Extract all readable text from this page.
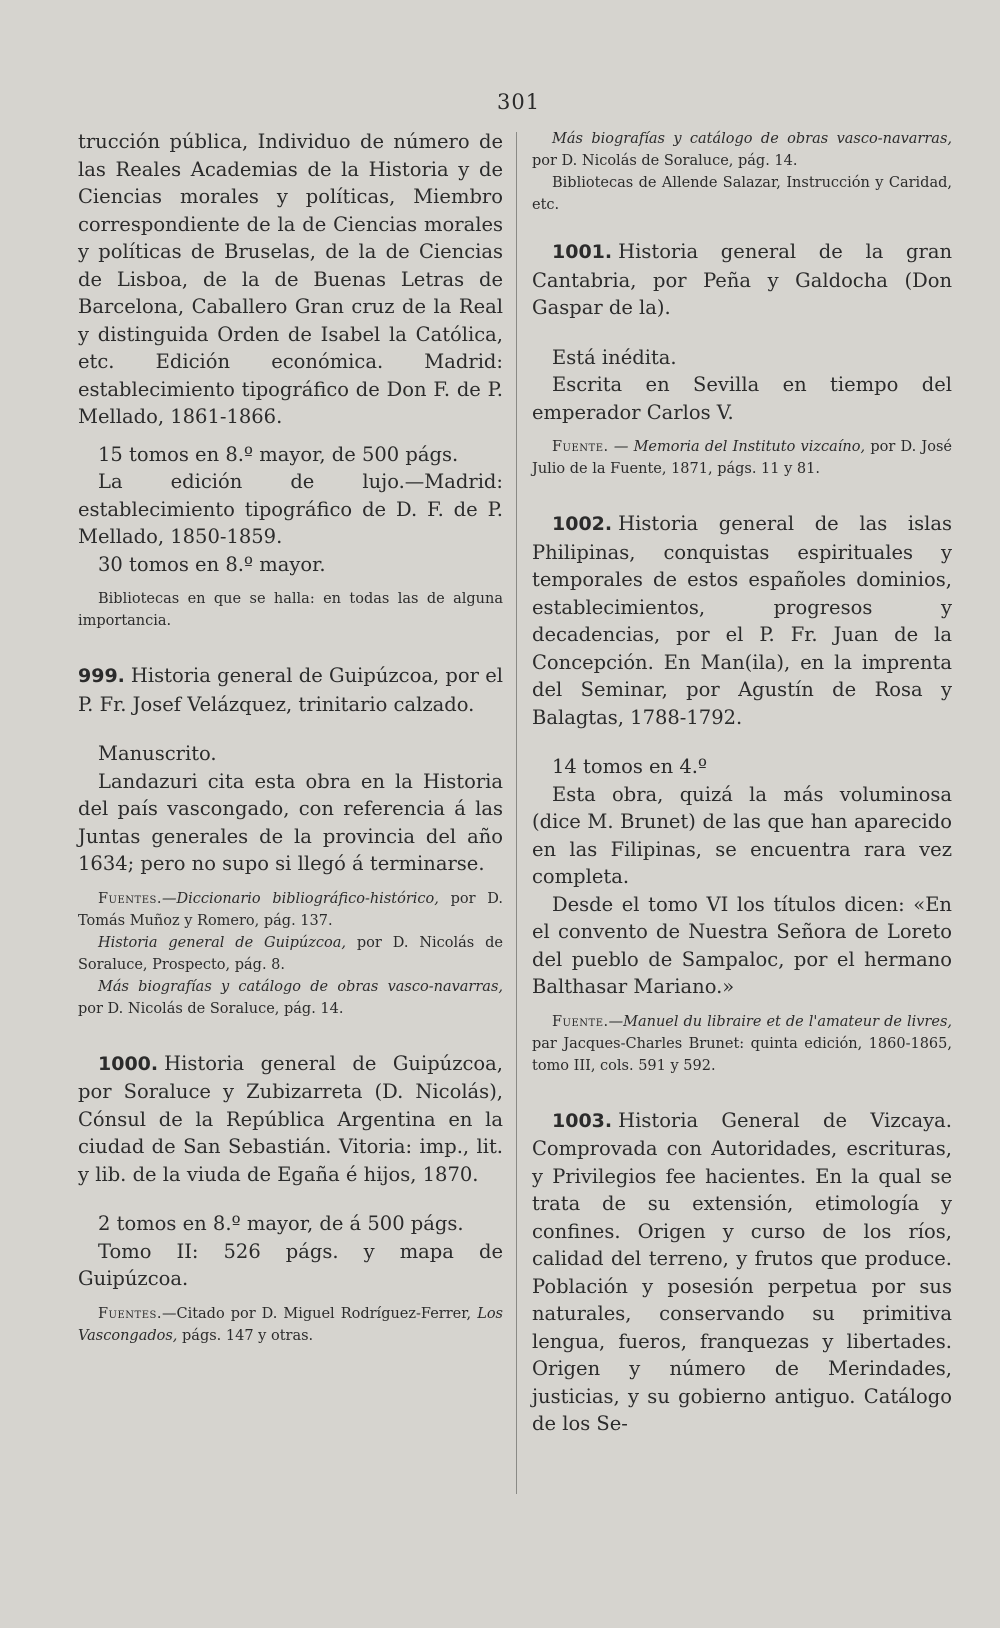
301

trucción pública, Individuo de número de las Reales Academias de la Historia y de Ciencias morales y políticas, Miembro correspondiente de la de Ciencias morales y políticas de Bruselas, de la de Ciencias de Lisboa, de la de Buenas Letras de Barcelona, Caballero Gran cruz de la Real y distinguida Orden de Isabel la Católica, etc. Edición económica. Madrid: establecimiento tipográfico de Don F. de P. Mellado, 1861-1866.

15 tomos en 8.º mayor, de 500 págs.

La edición de lujo.—Madrid: establecimiento tipográfico de D. F. de P. Mellado, 1850-1859.

30 tomos en 8.º mayor.

Bibliotecas en que se halla: en todas las de alguna importancia.

999. Historia general de Guipúzcoa, por el P. Fr. Josef Velázquez, trinitario calzado.

Manuscrito.

Landazuri cita esta obra en la Historia del país vascongado, con referencia á las Juntas generales de la provincia del año 1634; pero no supo si llegó á terminarse.

Fuentes.—Diccionario bibliográfico-histórico, por D. Tomás Muñoz y Romero, pág. 137.

Historia general de Guipúzcoa, por D. Nicolás de Soraluce, Prospecto, pág. 8.

Más biografías y catálogo de obras vasco-navarras, por D. Nicolás de Soraluce, pág. 14.

1000. Historia general de Guipúzcoa, por Soraluce y Zubizarreta (D. Nicolás), Cónsul de la República Argentina en la ciudad de San Sebastián. Vitoria: imp., lit. y lib. de la viuda de Egaña é hijos, 1870.

2 tomos en 8.º mayor, de á 500 págs.

Tomo II: 526 págs. y mapa de Guipúzcoa.

Fuentes.—Citado por D. Miguel Rodríguez-Ferrer, Los Vascongados, págs. 147 y otras.

Más biografías y catálogo de obras vasco-navarras, por D. Nicolás de Soraluce, pág. 14.

Bibliotecas de Allende Salazar, Instrucción y Caridad, etc.

1001. Historia general de la gran Cantabria, por Peña y Galdocha (Don Gaspar de la).

Está inédita.

Escrita en Sevilla en tiempo del emperador Carlos V.

Fuente. — Memoria del Instituto vizcaíno, por D. José Julio de la Fuente, 1871, págs. 11 y 81.

1002. Historia general de las islas Philipinas, conquistas espirituales y temporales de estos españoles dominios, establecimientos, progresos y decadencias, por el P. Fr. Juan de la Concepción. En Man(ila), en la imprenta del Seminar, por Agustín de Rosa y Balagtas, 1788-1792.

14 tomos en 4.º

Esta obra, quizá la más voluminosa (dice M. Brunet) de las que han aparecido en las Filipinas, se encuentra rara vez completa.

Desde el tomo VI los títulos dicen: «En el convento de Nuestra Señora de Loreto del pueblo de Sampaloc, por el hermano Balthasar Mariano.»

Fuente.—Manuel du libraire et de l'amateur de livres, par Jacques-Charles Brunet: quinta edición, 1860-1865, tomo III, cols. 591 y 592.

1003. Historia General de Vizcaya. Comprovada con Autoridades, escrituras, y Privilegios fee hacientes. En la qual se trata de su extensión, etimología y confines. Origen y curso de los ríos, calidad del terreno, y frutos que produce. Población y posesión perpetua por sus naturales, conservando su primitiva lengua, fueros, franquezas y libertades. Origen y número de Merindades, justicias, y su gobierno antiguo. Catálogo de los Se-
